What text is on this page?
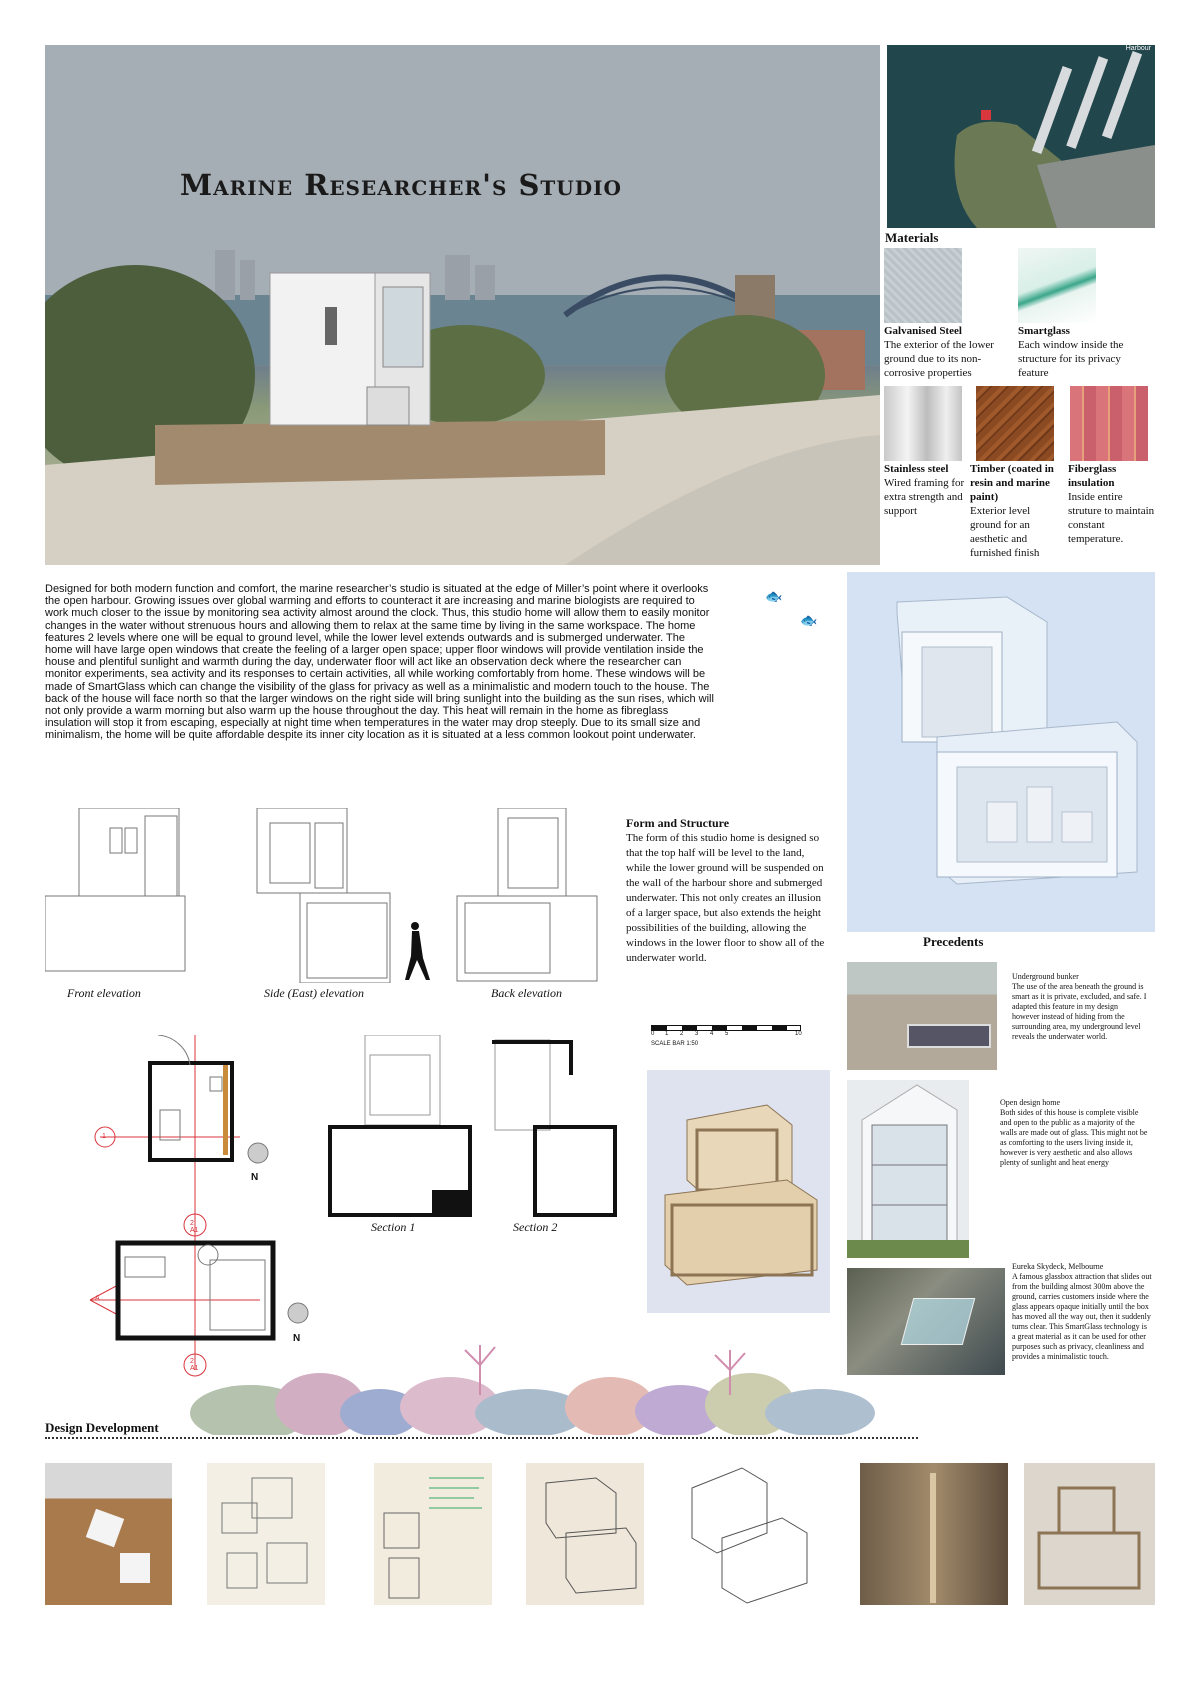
Marine Researcher's Studio
Harbour
Materials
Galvanised Steel
The exterior of the lower ground due to its non-corrosive properties
Smartglass
Each window inside the structure for its privacy feature
Stainless steel
Wired framing for extra strength and support
Timber (coated in resin and marine paint)
Exterior level ground for an aesthetic and furnished finish
Fiberglass insulation
Inside entire struture to maintain constant temperature.
Designed for both modern function and comfort, the marine researcher’s studio is situated at the edge of Miller’s point where it overlooks the open harbour. Growing issues over global warming and efforts to counteract it are increasing and marine biologists are required to work much closer to the issue by monitoring sea activity almost around the clock. Thus, this studio home will allow them to easily monitor changes in the water without strenuous hours and allowing them to relax at the same time by living in the same workspace. The home features 2 levels where one will be equal to ground level, while the lower level extends outwards and is submerged underwater. The home will have large open windows that create the feeling of a larger open space; upper floor windows will provide ventilation inside the house and plentiful sunlight and warmth during the day, underwater floor will act like an observation deck where the researcher can monitor experiments, sea activity and its responses to certain activities, all while working comfortably from home. These windows will be made of SmartGlass which can change the visibility of the glass for privacy as well as a minimalistic and modern touch to the house. The back of the house will face north so that the larger windows on the right side will bring sunlight into the building as the sun rises, which will not only provide a warm morning but also warm up the house throughout the day. This heat will remain in the home as fibreglass insulation will stop it from escaping, especially at night time when temperatures in the water may drop steeply. Due to its small size and minimalism, the home will be quite affordable despite its inner city location as it is situated at a less common lookout point underwater.
🐟
🐟
Front elevation	Side (East) elevation	Back elevation
Form and Structure
The form of this studio home is designed so that the top half will be level to the land, while the lower ground will be suspended on the wall of the harbour shore and submerged underwater. This not only creates an illusion of a larger space, but also extends the height possibilities of the building, allowing the windows in the lower floor to show all of the underwater world.
0 1 2 3 4 5	10
SCALE BAR 1:50
N
N
2
A1
2
A1
1
A
Section 1	Section 2
Precedents
Underground bunker
The use of the area beneath the ground is smart as it is private, excluded, and safe. I adapted this feature in my design however instead of hiding from the surrounding area, my underground level reveals the underwater world.
Open design home
Both sides of this house is complete visible and open to the public as a majority of the walls are made out of glass. This might not be as comforting to the users living inside it, however is very aesthetic and also allows plenty of sunlight and heat energy
Eureka Skydeck, Melbourne
A famous glassbox attraction that slides out from the building almost 300m above the ground, carries customers inside where the glass appears opaque initially until the box has moved all the way out, then it suddenly turns clear. This SmartGlass technology is a great material as it can be used for other purposes such as privacy, cleanliness and provides a minimalistic touch.
Design Development
